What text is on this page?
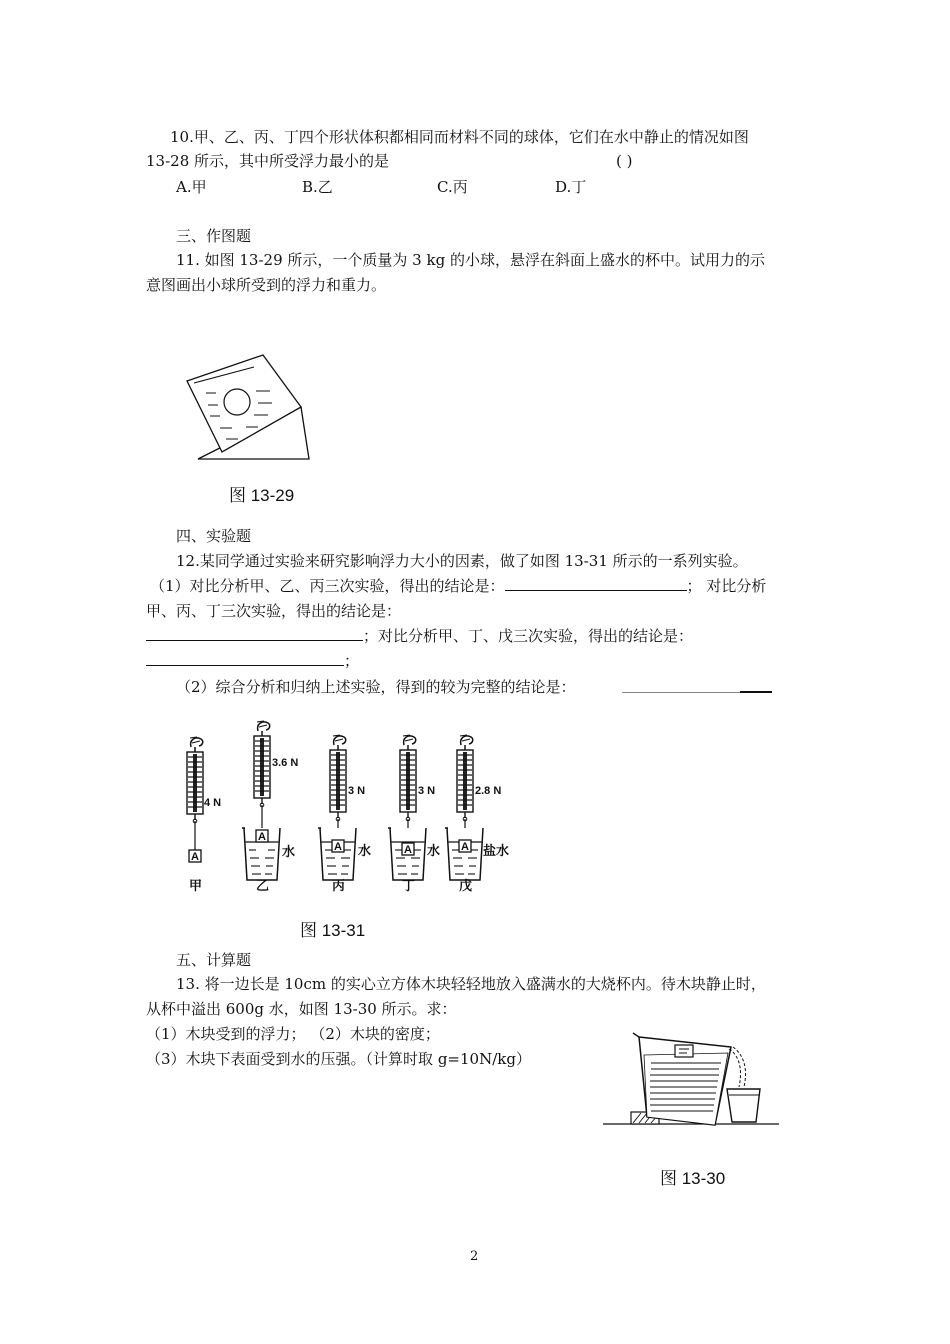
10.甲、乙、丙、丁四个形状体积都相同而材料不同的球体，它们在水中静止的情况如图
13-28 所示，其中所受浮力最小的是	( )
A.甲	B.乙	C.丙	D.丁
三、作图题
11. 如图 13-29 所示，一个质量为 3 kg 的小球，悬浮在斜面上盛水的杯中。试用力的示
意图画出小球所受到的浮力和重力。
图 13-29
四、实验题
12.某同学通过实验来研究影响浮力大小的因素，做了如图 13-31 所示的一系列实验。
（1）对比分析甲、乙、丙三次实验，得出的结论是：	； 对比分析
甲、丙、丁三次实验，得出的结论是：
；对比分析甲、丁、戊三次实验，得出的结论是：
；
（2）综合分析和归纳上述实验，得到的较为完整的结论是：
A
4 N
A
3.6 N
水	A
3 N
水	A
3 N
水 A
2.8 N
盐水
甲	乙	丙	丁	戊
图 13-31
五、计算题
13. 将一边长是 10cm 的实心立方体木块轻轻地放入盛满水的大烧杯内。待木块静止时，
从杯中溢出 600g 水，如图 13-30 所示。求：
（1）木块受到的浮力； （2）木块的密度；
（3）木块下表面受到水的压强。（计算时取 g=10N/kg）
图 13-30
2
